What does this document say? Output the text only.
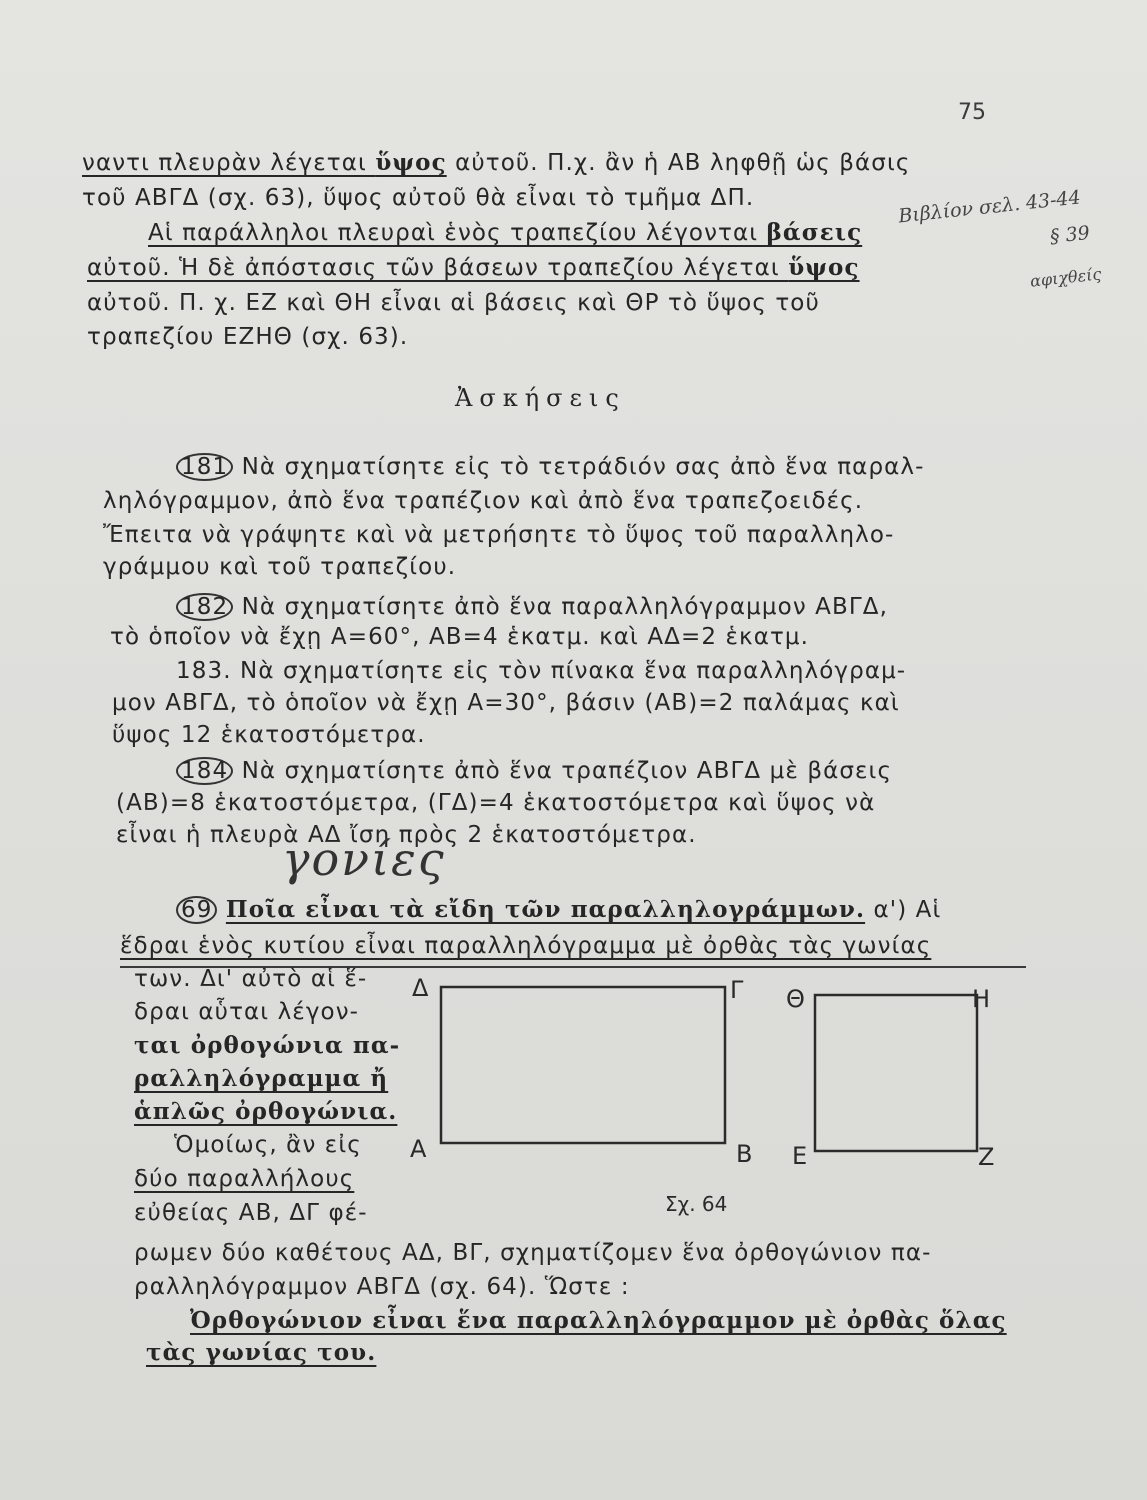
75
Βιβλίον σελ. 43-44
§ 39
αφιχθείς
ναντι πλευρὰν λέγεται ὕψος αὐτοῦ. Π.χ. ἂν ἡ ΑΒ ληφθῇ ὡς βάσις
τοῦ ΑΒΓΔ (σχ. 63), ὕψος αὐτοῦ θὰ εἶναι τὸ τμῆμα ΔΠ.
Αἱ παράλληλοι πλευραὶ ἑνὸς τραπεζίου λέγονται βάσεις
αὐτοῦ. Ἡ δὲ ἀπόστασις τῶν βάσεων τραπεζίου λέγεται ὕψος
αὐτοῦ. Π. χ. ΕΖ καὶ ΘΗ εἶναι αἱ βάσεις καὶ ΘΡ τὸ ὕψος τοῦ
τραπεζίου ΕΖΗΘ (σχ. 63).
Ἀσκήσεις
181 Νὰ σχηματίσητε εἰς τὸ τετράδιόν σας ἀπὸ ἕνα παραλ-
ληλόγραμμον, ἀπὸ ἕνα τραπέζιον καὶ ἀπὸ ἕνα τραπεζοειδές.
Ἔπειτα νὰ γράψητε καὶ νὰ μετρήσητε τὸ ὕψος τοῦ παραλληλο-
γράμμου καὶ τοῦ τραπεζίου.
182 Νὰ σχηματίσητε ἀπὸ ἕνα παραλληλόγραμμον ΑΒΓΔ,
τὸ ὁποῖον νὰ ἔχῃ Α=60°, ΑΒ=4 ἑκατμ. καὶ ΑΔ=2 ἑκατμ.
183. Νὰ σχηματίσητε εἰς τὸν πίνακα ἕνα παραλληλόγραμ-
μον ΑΒΓΔ, τὸ ὁποῖον νὰ ἔχῃ Α=30°, βάσιν (ΑΒ)=2 παλάμας καὶ
ὕψος 12 ἑκατοστόμετρα.
184 Νὰ σχηματίσητε ἀπὸ ἕνα τραπέζιον ΑΒΓΔ μὲ βάσεις
(ΑΒ)=8 ἑκατοστόμετρα, (ΓΔ)=4 ἑκατοστόμετρα καὶ ὕψος νὰ
εἶναι ἡ πλευρὰ ΑΔ ἴση πρὸς 2 ἑκατοστόμετρα.
γονίες
69 Ποῖα εἶναι τὰ εἴδη τῶν παραλληλογράμμων. α') Αἱ
ἕδραι ἑνὸς κυτίου εἶναι παραλληλόγραμμα μὲ ὀρθὰς τὰς γωνίας
των. Δι' αὐτὸ αἱ ἕ-
δραι αὗται λέγον-
ται ὀρθογώνια πα-
ραλληλόγραμμα ἤ
ἁπλῶς ὀρθογώνια.
Ὁμοίως, ἂν εἰς
δύο παραλλήλους
εὐθείας ΑΒ, ΔΓ φέ-
ρωμεν δύο καθέτους ΑΔ, ΒΓ, σχηματίζομεν ἕνα ὀρθογώνιον πα-
ραλληλόγραμμον ΑΒΓΔ (σχ. 64). Ὥστε :
Ὀρθογώνιον εἶναι ἕνα παραλληλόγραμμον μὲ ὀρθὰς ὅλας
τὰς γωνίας του.
Δ	Γ
Α	Β
Θ	Η
Ε	Ζ
Σχ. 64
